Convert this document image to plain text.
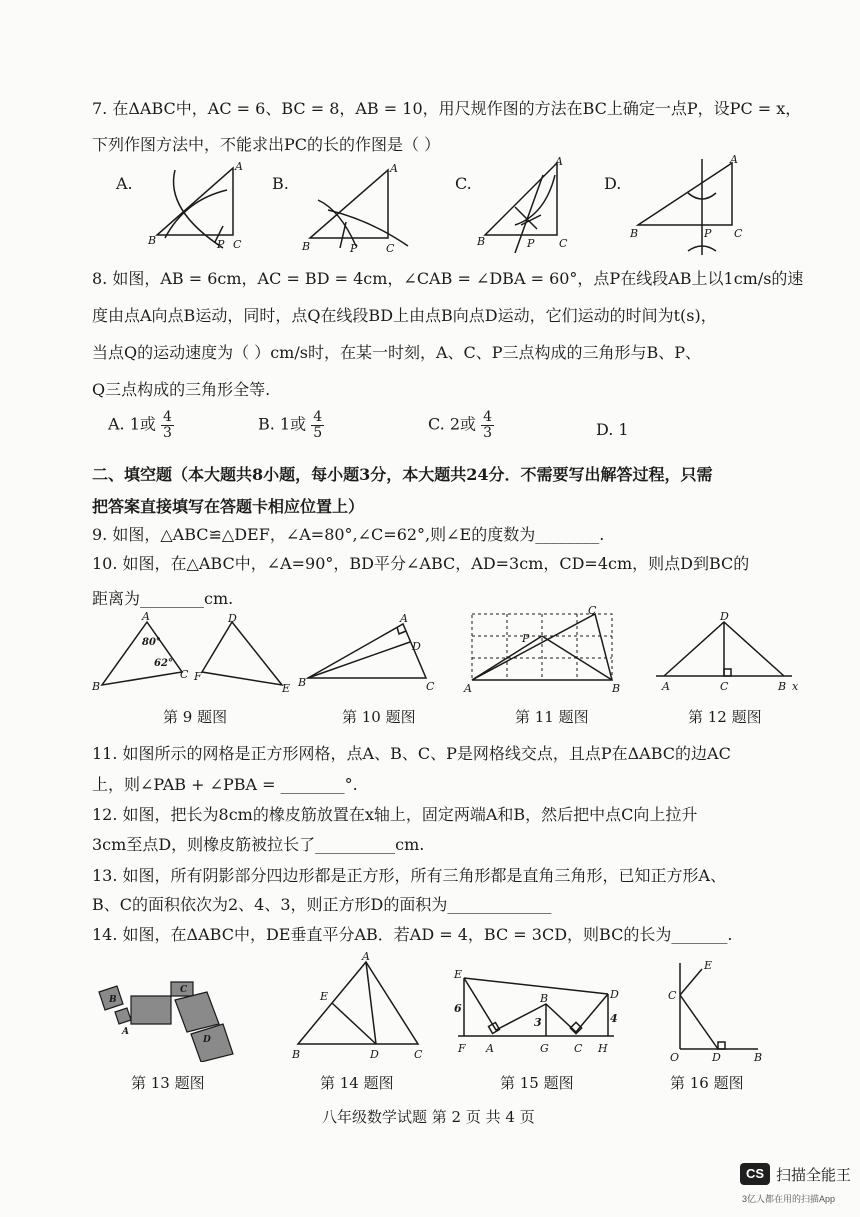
7. 在ΔABC中，AC = 6、BC = 8，AB = 10，用尺规作图的方法在BC上确定一点P，设PC = x，
下列作图方法中，不能求出PC的长的作图是（ ）
A.	B.	C.	D.
A
B	P C
A
B	P	C
A
B	P C
A
B	P C
8. 如图，AB = 6cm，AC = BD = 4cm，∠CAB = ∠DBA = 60°，点P在线段AB上以1cm/s的速
度由点A向点B运动，同时，点Q在线段BD上由点B向点D运动，它们运动的时间为t(s)，
当点Q的运动速度为（ ）cm/s时，在某一时刻，A、C、P三点构成的三角形与B、P、
Q三点构成的三角形全等.
A. 1或 $\frac{4}{3}$	B. 1或 $\frac{4}{5}$	C. 2或 $\frac{4}{3}$	D. 1
二、填空题（本大题共8小题，每小题3分，本大题共24分．不需要写出解答过程，只需
把答案直接填写在答题卡相应位置上）
9. 如图，△ABC≌△DEF，∠A=80°,∠C=62°,则∠E的度数为________.
10. 如图，在△ABC中，∠A=90°，BD平分∠ABC，AD=3cm，CD=4cm，则点D到BC的
距离为________cm.
A
B
C
80°
62°
D
F
E
A
D
B	C
C
P
A	B
D
A	C	B x
第 9 题图	第 10 题图	第 11 题图	第 12 题图
11. 如图所示的网格是正方形网格，点A、B、C、P是网格线交点，且点P在ΔABC的边AC
上，则∠PAB + ∠PBA = ________°.
12. 如图，把长为8cm的橡皮筋放置在x轴上，固定两端A和B，然后把中点C向上拉升
3cm至点D，则橡皮筋被拉长了__________cm.
13. 如图，所有阴影部分四边形都是正方形，所有三角形都是直角三角形，已知正方形A、
B、C的面积依次为2、4、3，则正方形D的面积为_____________
14. 如图，在ΔABC中，DE垂直平分AB．若AD = 4，BC = 3CD，则BC的长为_______.
A
B
C
D
A
E
B	D	C
E
D
B
6
3	4
F A	G C H
E
C
O	D	B
第 13 题图	第 14 题图	第 15 题图	第 16 题图
八年级数学试题 第 2 页 共 4 页
CS 扫描全能王
3亿人都在用的扫描App
